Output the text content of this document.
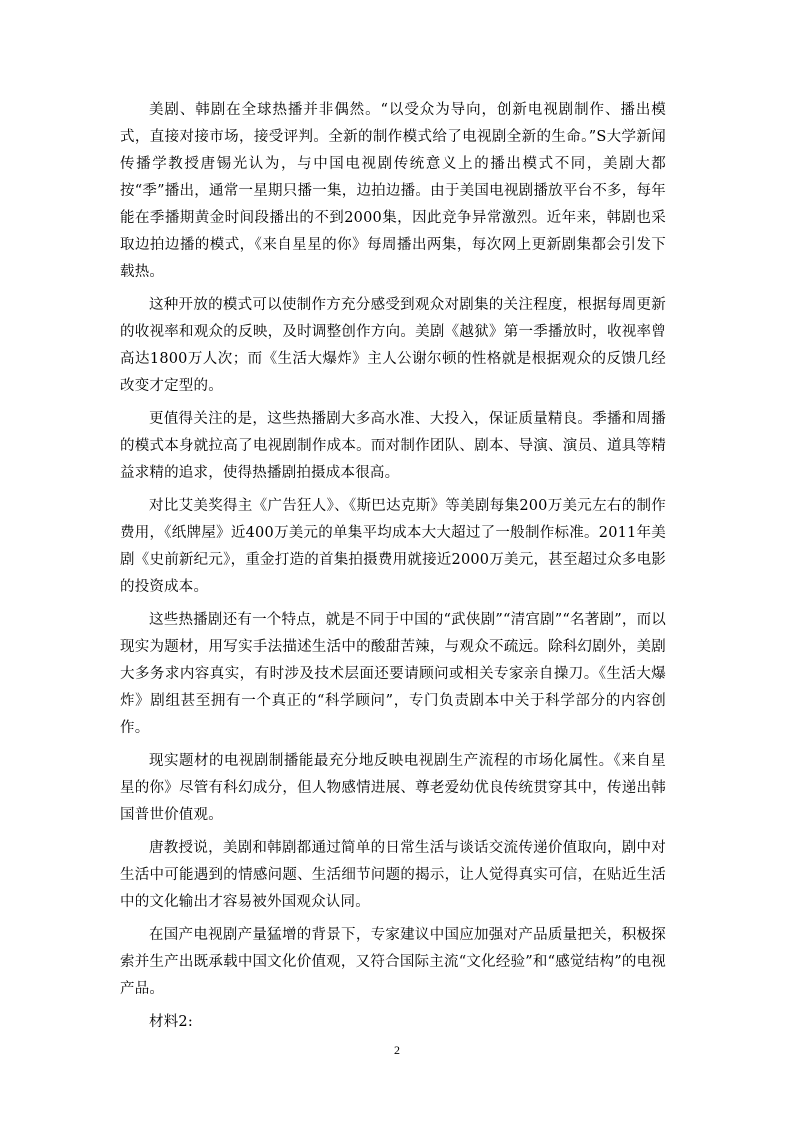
美剧、韩剧在全球热播并非偶然。“以受众为导向，创新电视剧制作、播出模式，直接对接市场，接受评判。全新的制作模式给了电视剧全新的生命。”S大学新闻传播学教授唐锡光认为，与中国电视剧传统意义上的播出模式不同，美剧大都按“季”播出，通常一星期只播一集，边拍边播。由于美国电视剧播放平台不多，每年能在季播期黄金时间段播出的不到2000集，因此竞争异常激烈。近年来，韩剧也采取边拍边播的模式，《来自星星的你》每周播出两集，每次网上更新剧集都会引发下载热。

这种开放的模式可以使制作方充分感受到观众对剧集的关注程度，根据每周更新的收视率和观众的反映，及时调整创作方向。美剧《越狱》第一季播放时，收视率曾高达1800万人次；而《生活大爆炸》主人公谢尔顿的性格就是根据观众的反馈几经改变才定型的。

更值得关注的是，这些热播剧大多高水准、大投入，保证质量精良。季播和周播的模式本身就拉高了电视剧制作成本。而对制作团队、剧本、导演、演员、道具等精益求精的追求，使得热播剧拍摄成本很高。

对比艾美奖得主《广告狂人》、《斯巴达克斯》等美剧每集200万美元左右的制作费用，《纸牌屋》近400万美元的单集平均成本大大超过了一般制作标准。2011年美剧《史前新纪元》，重金打造的首集拍摄费用就接近2000万美元，甚至超过众多电影的投资成本。

这些热播剧还有一个特点，就是不同于中国的“武侠剧”“清宫剧”“名著剧”，而以现实为题材，用写实手法描述生活中的酸甜苦辣，与观众不疏远。除科幻剧外，美剧大多务求内容真实，有时涉及技术层面还要请顾问或相关专家亲自操刀。《生活大爆炸》剧组甚至拥有一个真正的“科学顾问”，专门负责剧本中关于科学部分的内容创作。

现实题材的电视剧制播能最充分地反映电视剧生产流程的市场化属性。《来自星星的你》尽管有科幻成分，但人物感情进展、尊老爱幼优良传统贯穿其中，传递出韩国普世价值观。

唐教授说，美剧和韩剧都通过简单的日常生活与谈话交流传递价值取向，剧中对生活中可能遇到的情感问题、生活细节问题的揭示，让人觉得真实可信，在贴近生活中的文化输出才容易被外国观众认同。

在国产电视剧产量猛增的背景下，专家建议中国应加强对产品质量把关，积极探索并生产出既承载中国文化价值观，又符合国际主流“文化经验”和“感觉结构”的电视产品。

材料2:

2
